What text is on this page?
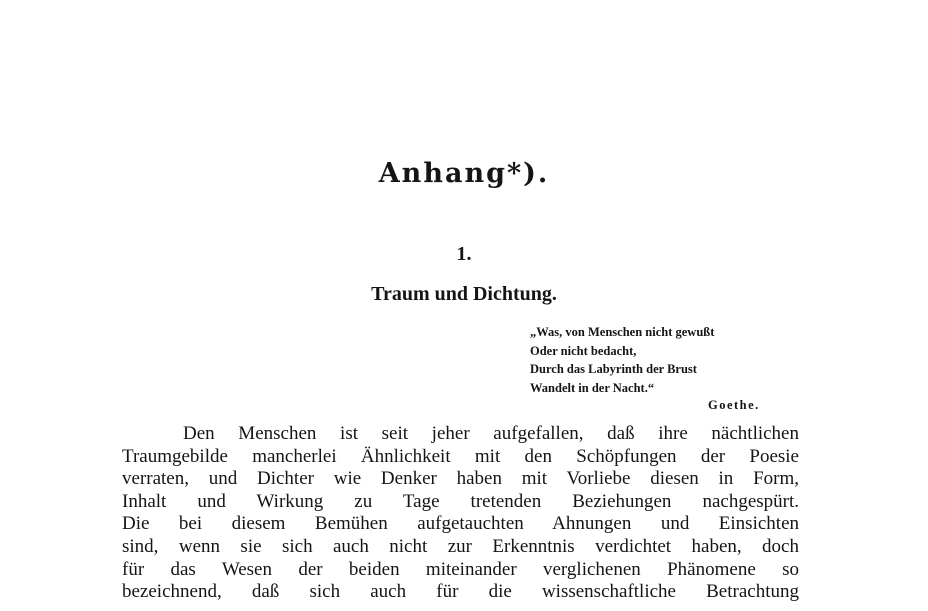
Anhang*).
1.
Traum und Dichtung.
„Was, von Menschen nicht gewußt
Oder nicht bedacht,
Durch das Labyrinth der Brust
Wandelt in der Nacht.“
Goethe.
Den Menschen ist seit jeher aufgefallen, daß ihre nächtlichen
Traumgebilde mancherlei Ähnlichkeit mit den Schöpfungen der Poesie
verraten, und Dichter wie Denker haben mit Vorliebe diesen in Form,
Inhalt und Wirkung zu Tage tretenden Beziehungen nachgespürt.
Die bei diesem Bemühen aufgetauchten Ahnungen und Einsichten
sind, wenn sie sich auch nicht zur Erkenntnis verdichtet haben, doch
für das Wesen der beiden miteinander verglichenen Phänomene so
bezeichnend, daß sich auch für die wissenschaftliche Betrachtung
